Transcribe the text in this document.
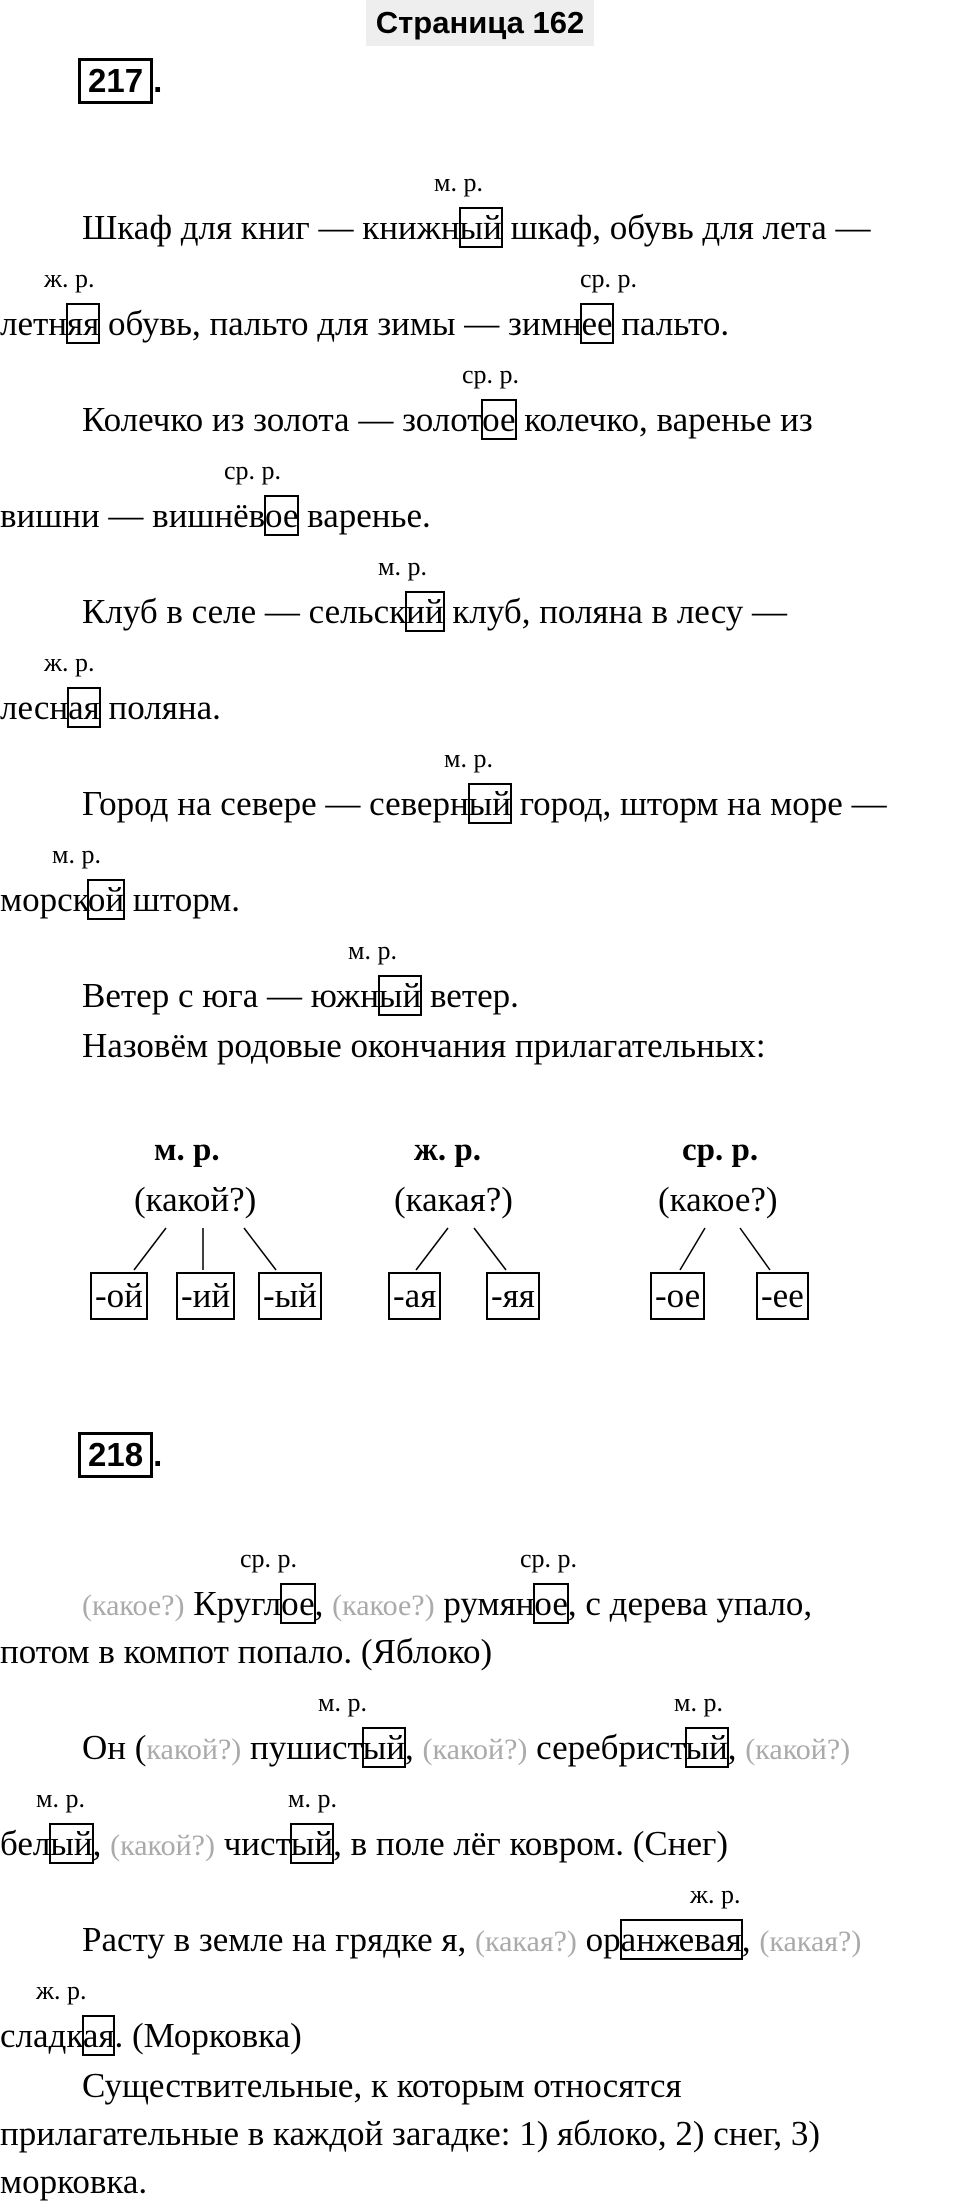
Страница 162
217 .
м. р.
Шкаф для книг — книжный шкаф, обувь для лета —
ж. р.	ср. р.
летняя обувь, пальто для зимы — зимнее пальто.
ср. р.
Колечко из золота — золотое колечко, варенье из
ср. р.
вишни — вишнёвое варенье.
м. р.
Клуб в селе — сельский клуб, поляна в лесу —
ж. р.
лесная поляна.
м. р.
Город на севере — северный город, шторм на море —
м. р.
морской шторм.
м. р.
Ветер с юга — южный ветер.
Назовём родовые окончания прилагательных:
м. р.
(какой?)
ж. р.
(какая?)
ср. р.
(какое?)
-ой -ий -ый -ая -яя	-ое -ее
218 .
ср. р.	ср. р.
(какое?) Круглое, (какое?) румяное, с дерева упало,
потом в компот попало. (Яблоко)
м. р.	м. р.
Он (какой?) пушистый, (какой?) серебристый, (какой?)
м. р.	м. р.
белый, (какой?) чистый, в поле лёг ковром. (Снег)
ж. р.
Расту в земле на грядке я, (какая?) оранжевая, (какая?)
ж. р.
сладкая. (Морковка)
Существительные, к которым относятся
прилагательные в каждой загадке: 1) яблоко, 2) снег, 3)
морковка.
